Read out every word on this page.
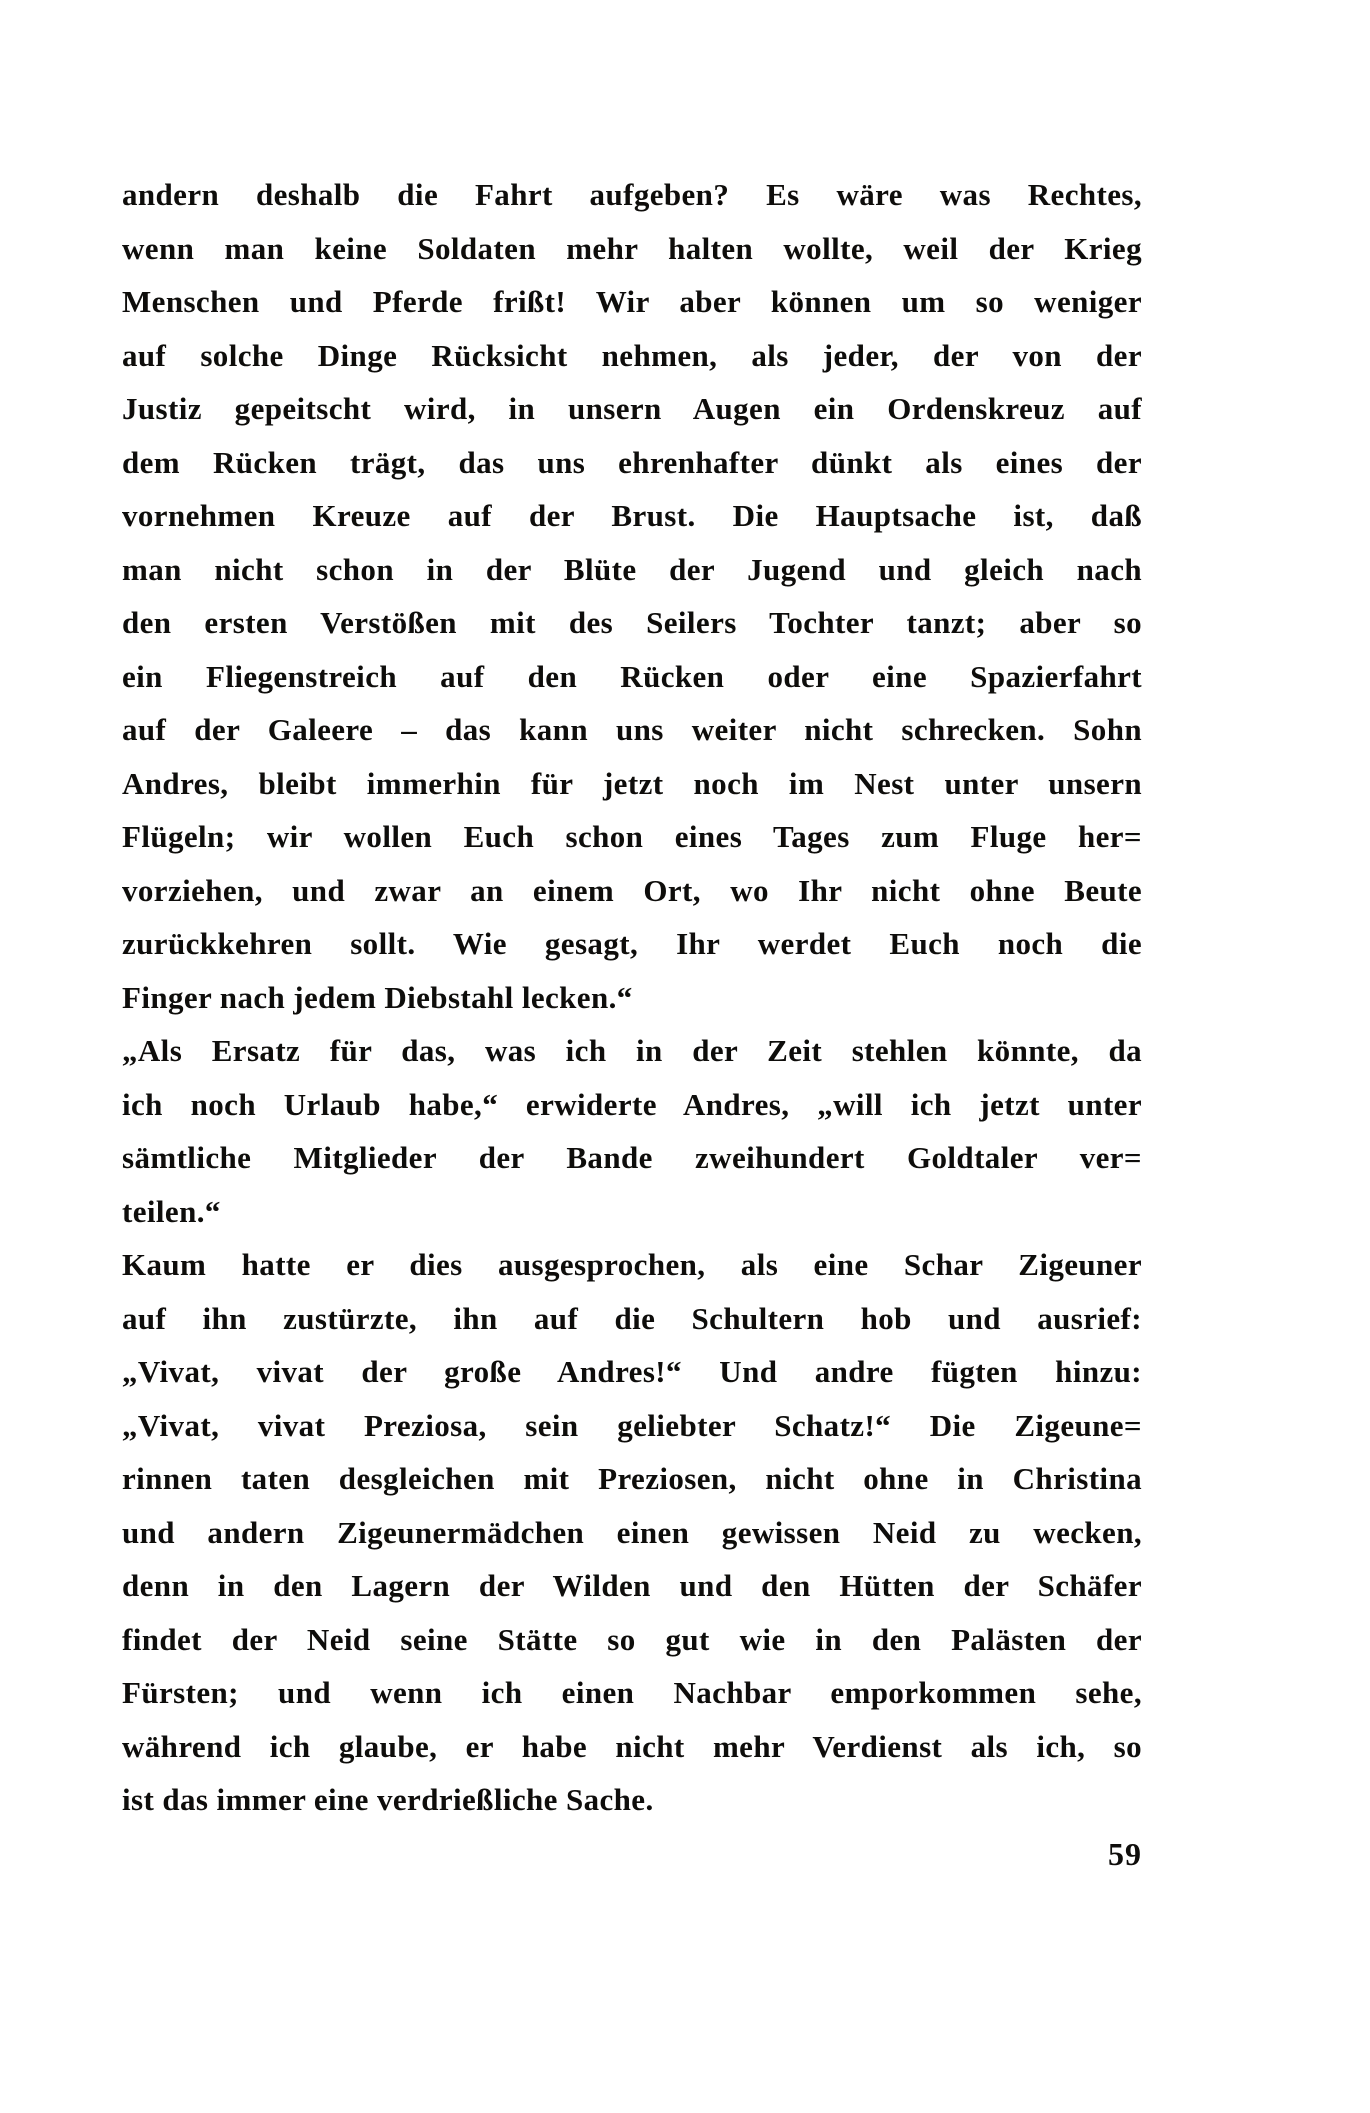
andern deshalb die Fahrt aufgeben? Es wäre was Rechtes,
wenn man keine Soldaten mehr halten wollte, weil der Krieg
Menschen und Pferde frißt! Wir aber können um so weniger
auf solche Dinge Rücksicht nehmen, als jeder, der von der
Justiz gepeitscht wird, in unsern Augen ein Ordenskreuz auf
dem Rücken trägt, das uns ehrenhafter dünkt als eines der
vornehmen Kreuze auf der Brust. Die Hauptsache ist, daß
man nicht schon in der Blüte der Jugend und gleich nach
den ersten Verstößen mit des Seilers Tochter tanzt; aber so
ein Fliegenstreich auf den Rücken oder eine Spazierfahrt
auf der Galeere – das kann uns weiter nicht schrecken. Sohn
Andres, bleibt immerhin für jetzt noch im Nest unter unsern
Flügeln; wir wollen Euch schon eines Tages zum Fluge her=
vorziehen, und zwar an einem Ort, wo Ihr nicht ohne Beute
zurückkehren sollt. Wie gesagt, Ihr werdet Euch noch die
Finger nach jedem Diebstahl lecken.“
„Als Ersatz für das, was ich in der Zeit stehlen könnte, da
ich noch Urlaub habe,“ erwiderte Andres, „will ich jetzt unter
sämtliche Mitglieder der Bande zweihundert Goldtaler ver=
teilen.“
Kaum hatte er dies ausgesprochen, als eine Schar Zigeuner
auf ihn zustürzte, ihn auf die Schultern hob und ausrief:
„Vivat, vivat der große Andres!“ Und andre fügten hinzu:
„Vivat, vivat Preziosa, sein geliebter Schatz!“ Die Zigeune=
rinnen taten desgleichen mit Preziosen, nicht ohne in Christina
und andern Zigeunermädchen einen gewissen Neid zu wecken,
denn in den Lagern der Wilden und den Hütten der Schäfer
findet der Neid seine Stätte so gut wie in den Palästen der
Fürsten; und wenn ich einen Nachbar emporkommen sehe,
während ich glaube, er habe nicht mehr Verdienst als ich, so
ist das immer eine verdrießliche Sache.
59
